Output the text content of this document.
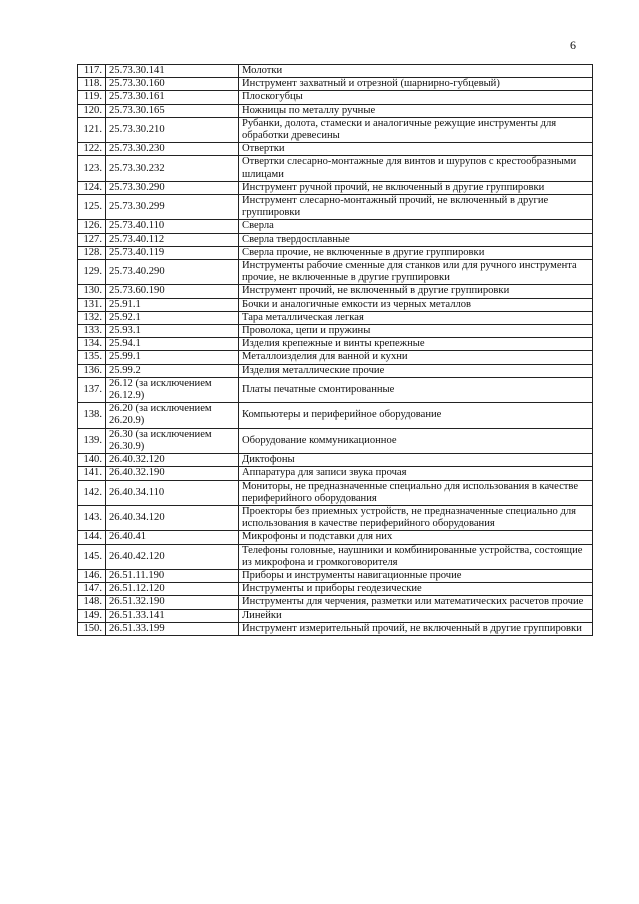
6
117.	25.73.30.141	Молотки
118.	25.73.30.160	Инструмент захватный и отрезной (шарнирно-губцевый)
119.	25.73.30.161	Плоскогубцы
120.	25.73.30.165	Ножницы по металлу ручные
121.	25.73.30.210	Рубанки, долота, стамески и аналогичные режущие инструменты для обработки древесины
122.	25.73.30.230	Отвертки
123.	25.73.30.232	Отвертки слесарно-монтажные для винтов и шурупов с крестообразными шлицами
124.	25.73.30.290	Инструмент ручной прочий, не включенный в другие группировки
125.	25.73.30.299	Инструмент слесарно-монтажный прочий, не включенный в другие группировки
126.	25.73.40.110	Сверла
127.	25.73.40.112	Сверла твердосплавные
128.	25.73.40.119	Сверла прочие, не включенные в другие группировки
129.	25.73.40.290	Инструменты рабочие сменные для станков или для ручного инструмента прочие, не включенные в другие группировки
130.	25.73.60.190	Инструмент прочий, не включенный в другие группировки
131.	25.91.1	Бочки и аналогичные емкости из черных металлов
132.	25.92.1	Тара металлическая легкая
133.	25.93.1	Проволока, цепи и пружины
134.	25.94.1	Изделия крепежные и винты крепежные
135.	25.99.1	Металлоизделия для ванной и кухни
136.	25.99.2	Изделия металлические прочие
137.	26.12 (за исключением 26.12.9)	Платы печатные смонтированные
138.	26.20 (за исключением 26.20.9)	Компьютеры и периферийное оборудование
139.	26.30 (за исключением 26.30.9)	Оборудование коммуникационное
140.	26.40.32.120	Диктофоны
141.	26.40.32.190	Аппаратура для записи звука прочая
142.	26.40.34.110	Мониторы, не предназначенные специально для использования в качестве периферийного оборудования
143.	26.40.34.120	Проекторы без приемных устройств, не предназначенные специально для использования в качестве периферийного оборудования
144.	26.40.41	Микрофоны и подставки для них
145.	26.40.42.120	Телефоны головные, наушники и комбинированные устройства, состоящие из микрофона и громкоговорителя
146.	26.51.11.190	Приборы и инструменты навигационные прочие
147.	26.51.12.120	Инструменты и приборы геодезические
148.	26.51.32.190	Инструменты для черчения, разметки или математических расчетов прочие
149.	26.51.33.141	Линейки
150.	26.51.33.199	Инструмент измерительный прочий, не включенный в другие группировки
